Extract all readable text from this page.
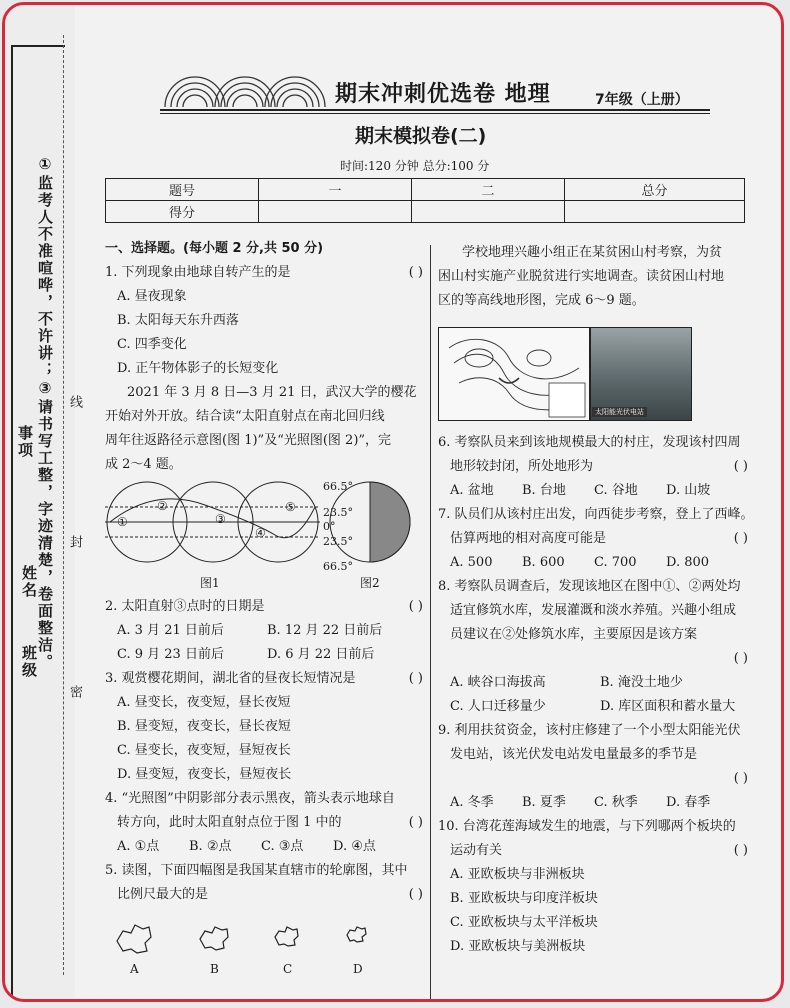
①监考人不准喧哗，不许讲；③请书写工整，字迹清楚，卷面整洁。
事项
班级
姓名
密
封
线
期末冲刺优选卷 地理	7年级（上册）
期末模拟卷(二)
时间:120 分钟 总分:100 分
题号	一	二	总分
得分			
一、选择题。(每小题 2 分,共 50 分)
1. 下列现象由地球自转产生的是	( )
A. 昼夜现象
B. 太阳每天东升西落
C. 四季变化
D. 正午物体影子的长短变化
2021 年 3 月 8 日—3 月 21 日，武汉大学的樱花
开始对外开放。结合读“太阳直射点在南北回归线
周年往返路径示意图(图 1)”及“光照图(图 2)”，完
成 2～4 题。
①
②
③
④
⑤
66.5°
23.5°
0°
23.5°
66.5°
图1	图2
2. 太阳直射③点时的日期是	( )
A. 3 月 21 日前后	B. 12 月 22 日前后
C. 9 月 23 日前后	D. 6 月 22 日前后
3. 观赏樱花期间，湖北省的昼夜长短情况是	( )
A. 昼变长，夜变短，昼长夜短
B. 昼变短，夜变长，昼长夜短
C. 昼变长，夜变短，昼短夜长
D. 昼变短，夜变长，昼短夜长
4. “光照图”中阴影部分表示黑夜，箭头表示地球自
转方向，此时太阳直射点位于图 1 中的	( )
A. ①点 B. ②点 C. ③点 D. ④点
5. 读图，下面四幅图是我国某直辖市的轮廓图，其中
比例尺最大的是	( )
A	B	C	D
学校地理兴趣小组正在某贫困山村考察，为贫
困山村实施产业脱贫进行实地调查。读贫困山村地
区的等高线地形图，完成 6～9 题。
6. 考察队员来到该地规模最大的村庄，发现该村四周
地形较封闭，所处地形为	( )
A. 盆地 B. 台地 C. 谷地 D. 山坡
7. 队员们从该村庄出发，向西徒步考察，登上了西峰。
估算两地的相对高度可能是	( )
A. 500 B. 600 C. 700 D. 800
8. 考察队员调查后，发现该地区在图中①、②两处均
适宜修筑水库，发展灌溉和淡水养殖。兴趣小组成
员建议在②处修筑水库，主要原因是该方案
( )
A. 峡谷口海拔高	B. 淹没土地少
C. 人口迁移量少	D. 库区面积和蓄水量大
9. 利用扶贫资金，该村庄修建了一个小型太阳能光伏
发电站，该光伏发电站发电量最多的季节是
( )
A. 冬季 B. 夏季 C. 秋季 D. 春季
10. 台湾花莲海域发生的地震，与下列哪两个板块的
运动有关	( )
A. 亚欧板块与非洲板块
B. 亚欧板块与印度洋板块
C. 亚欧板块与太平洋板块
D. 亚欧板块与美洲板块
太阳能光伏电站
